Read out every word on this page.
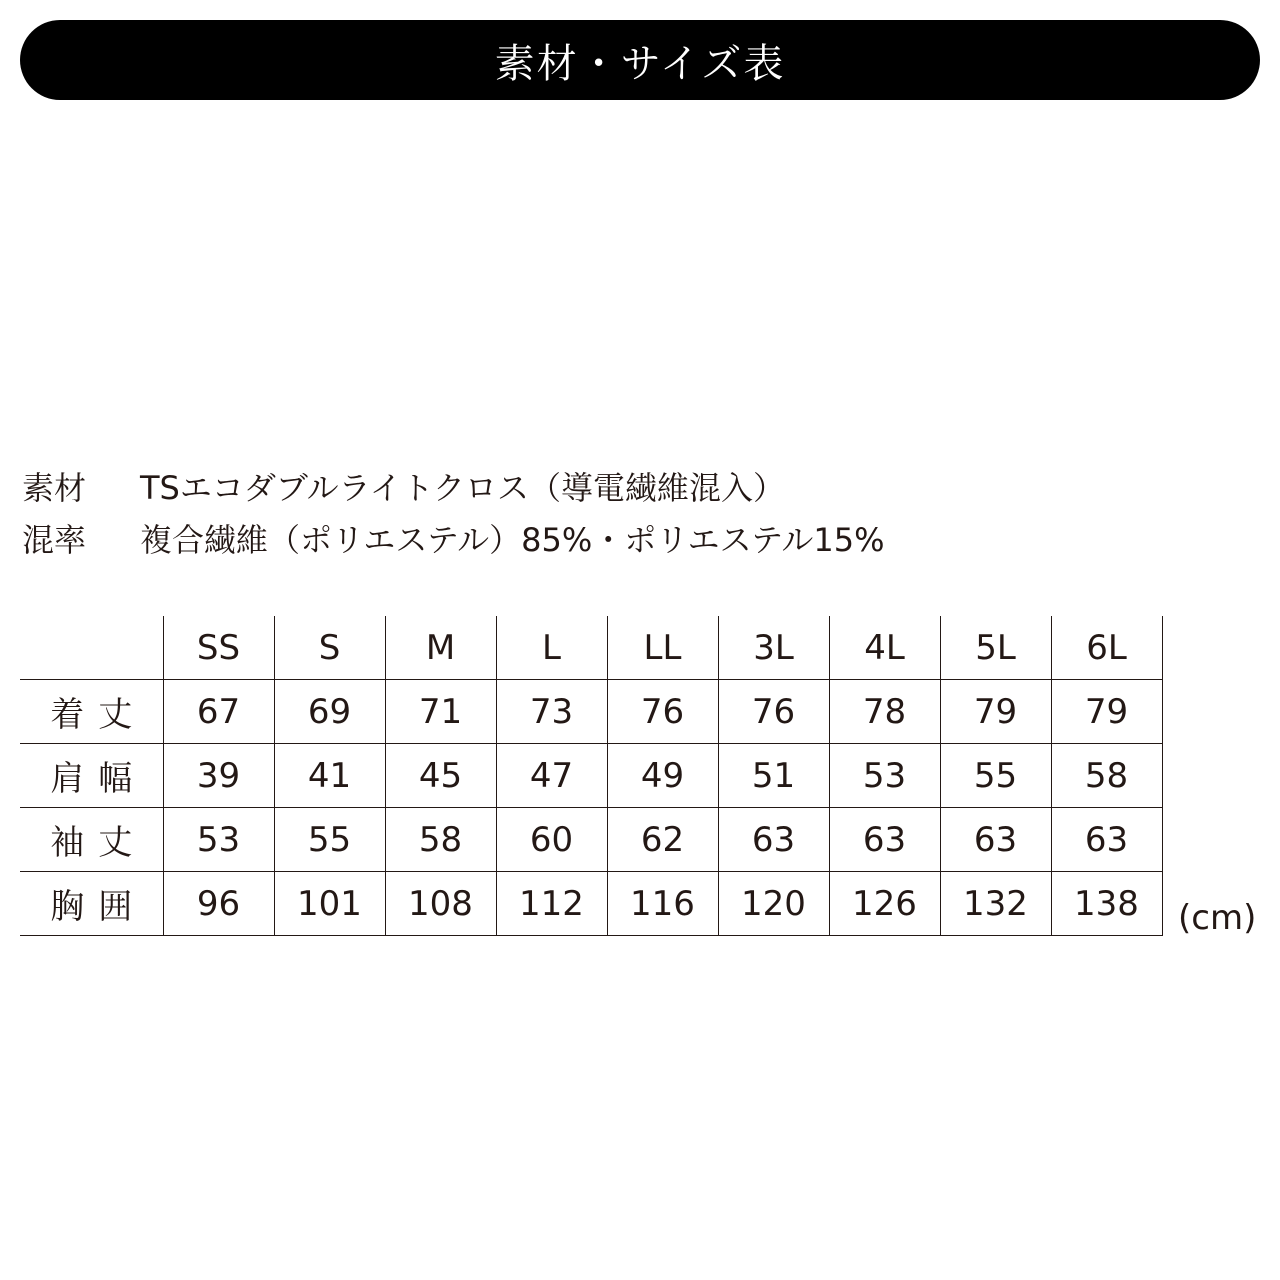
素材・サイズ表
素材	TSエコダブルライトクロス（導電繊維混入）
混率	複合繊維（ポリエステル）85%・ポリエステル15%
	SS	S	M	L	LL	3L	4L	5L	6L
着丈	67	69	71	73	76	76	78	79	79
肩幅	39	41	45	47	49	51	53	55	58
袖丈	53	55	58	60	62	63	63	63	63
胸囲	96	101	108	112	116	120	126	132	138 (cm)
